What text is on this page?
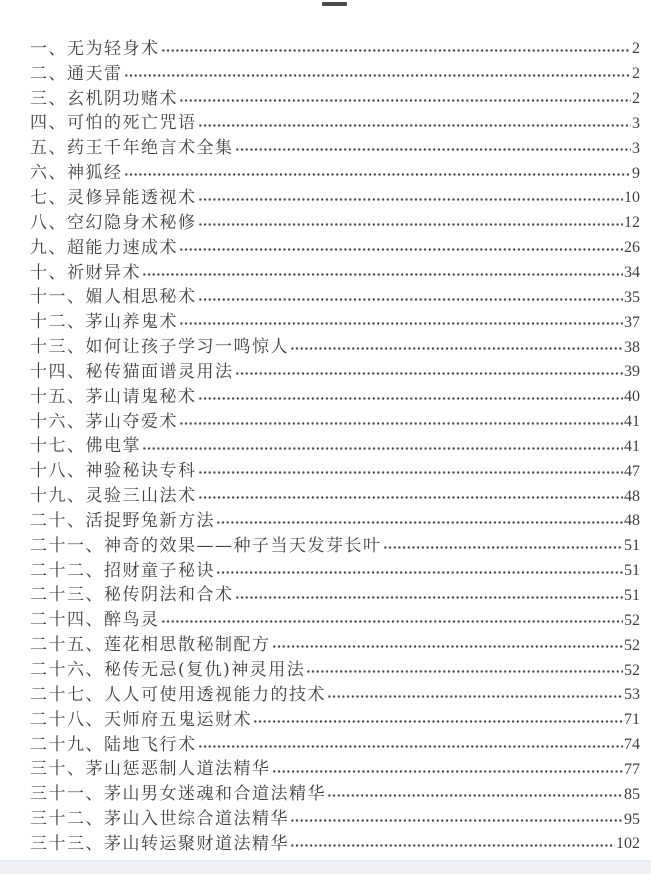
一、无为轻身术	2
二、通天雷	2
三、玄机阴功赌术	2
四、可怕的死亡咒语	3
五、药王千年绝言术全集	3
六、神狐经	9
七、灵修异能透视术	10
八、空幻隐身术秘修	12
九、超能力速成术	26
十、祈财异术	34
十一、媚人相思秘术	35
十二、茅山养鬼术	37
十三、如何让孩子学习一鸣惊人	38
十四、秘传猫面谱灵用法	39
十五、茅山请鬼秘术	40
十六、茅山夺爱术	41
十七、佛电掌	41
十八、神验秘诀专科	47
十九、灵验三山法术	48
二十、活捉野兔新方法	48
二十一、神奇的效果——种子当天发芽长叶	51
二十二、招财童子秘诀	51
二十三、秘传阴法和合术	51
二十四、醉鸟灵	52
二十五、莲花相思散秘制配方	52
二十六、秘传无忌(复仇)神灵用法	52
二十七、人人可使用透视能力的技术	53
二十八、天师府五鬼运财术	71
二十九、陆地飞行术	74
三十、茅山惩恶制人道法精华	77
三十一、茅山男女迷魂和合道法精华	85
三十二、茅山入世综合道法精华	95
三十三、茅山转运聚财道法精华	102
